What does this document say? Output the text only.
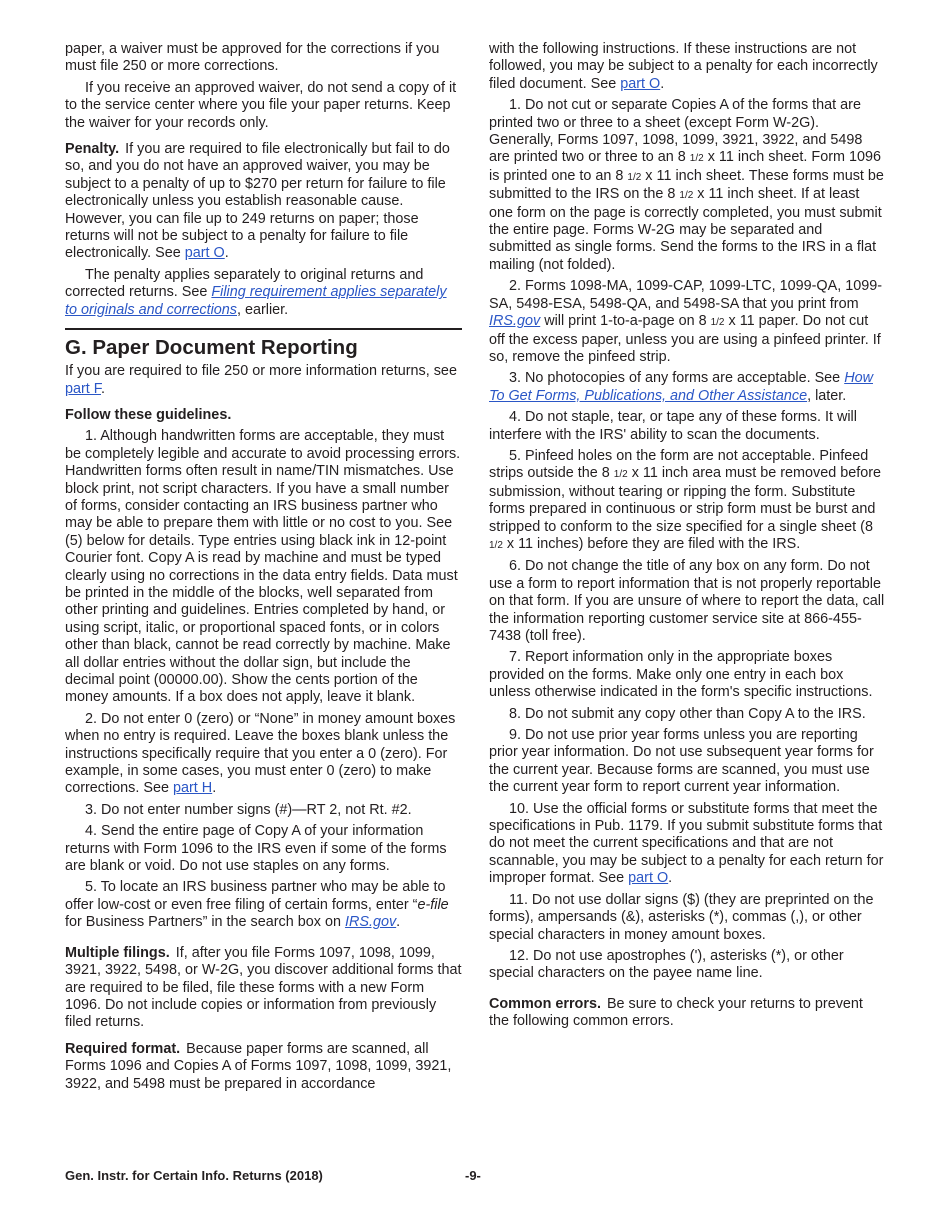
paper, a waiver must be approved for the corrections if you must file 250 or more corrections.

If you receive an approved waiver, do not send a copy of it to the service center where you file your paper returns. Keep the waiver for your records only.

Penalty. If you are required to file electronically but fail to do so, and you do not have an approved waiver, you may be subject to a penalty of up to $270 per return for failure to file electronically unless you establish reasonable cause. However, you can file up to 249 returns on paper; those returns will not be subject to a penalty for failure to file electronically. See part O.

The penalty applies separately to original returns and corrected returns. See Filing requirement applies separately to originals and corrections, earlier.

G. Paper Document Reporting

If you are required to file 250 or more information returns, see part F.

Follow these guidelines.

1. Although handwritten forms are acceptable, they must be completely legible and accurate to avoid processing errors. Handwritten forms often result in name/TIN mismatches. Use block print, not script characters. If you have a small number of forms, consider contacting an IRS business partner who may be able to prepare them with little or no cost to you. See (5) below for details. Type entries using black ink in 12-point Courier font. Copy A is read by machine and must be typed clearly using no corrections in the data entry fields. Data must be printed in the middle of the blocks, well separated from other printing and guidelines. Entries completed by hand, or using script, italic, or proportional spaced fonts, or in colors other than black, cannot be read correctly by machine. Make all dollar entries without the dollar sign, but include the decimal point (00000.00). Show the cents portion of the money amounts. If a box does not apply, leave it blank.

2. Do not enter 0 (zero) or “None” in money amount boxes when no entry is required. Leave the boxes blank unless the instructions specifically require that you enter a 0 (zero). For example, in some cases, you must enter 0 (zero) to make corrections. See part H.

3. Do not enter number signs (#)—RT 2, not Rt. #2.

4. Send the entire page of Copy A of your information returns with Form 1096 to the IRS even if some of the forms are blank or void. Do not use staples on any forms.

5. To locate an IRS business partner who may be able to offer low-cost or even free filing of certain forms, enter “e-file for Business Partners” in the search box on IRS.gov.

Multiple filings. If, after you file Forms 1097, 1098, 1099, 3921, 3922, 5498, or W-2G, you discover additional forms that are required to be filed, file these forms with a new Form 1096. Do not include copies or information from previously filed returns.

Required format. Because paper forms are scanned, all Forms 1096 and Copies A of Forms 1097, 1098, 1099, 3921, 3922, and 5498 must be prepared in accordance

with the following instructions. If these instructions are not followed, you may be subject to a penalty for each incorrectly filed document. See part O.

1. Do not cut or separate Copies A of the forms that are printed two or three to a sheet (except Form W-2G). Generally, Forms 1097, 1098, 1099, 3921, 3922, and 5498 are printed two or three to an 8 1/2 x 11 inch sheet. Form 1096 is printed one to an 8 1/2 x 11 inch sheet. These forms must be submitted to the IRS on the 8 1/2 x 11 inch sheet. If at least one form on the page is correctly completed, you must submit the entire page. Forms W-2G may be separated and submitted as single forms. Send the forms to the IRS in a flat mailing (not folded).

2. Forms 1098-MA, 1099-CAP, 1099-LTC, 1099-QA, 1099-SA, 5498-ESA, 5498-QA, and 5498-SA that you print from IRS.gov will print 1-to-a-page on 8 1/2 x 11 paper. Do not cut off the excess paper, unless you are using a pinfeed printer. If so, remove the pinfeed strip.

3. No photocopies of any forms are acceptable. See How To Get Forms, Publications, and Other Assistance, later.

4. Do not staple, tear, or tape any of these forms. It will interfere with the IRS' ability to scan the documents.

5. Pinfeed holes on the form are not acceptable. Pinfeed strips outside the 8 1/2 x 11 inch area must be removed before submission, without tearing or ripping the form. Substitute forms prepared in continuous or strip form must be burst and stripped to conform to the size specified for a single sheet (8 1/2 x 11 inches) before they are filed with the IRS.

6. Do not change the title of any box on any form. Do not use a form to report information that is not properly reportable on that form. If you are unsure of where to report the data, call the information reporting customer service site at 866-455-7438 (toll free).

7. Report information only in the appropriate boxes provided on the forms. Make only one entry in each box unless otherwise indicated in the form's specific instructions.

8. Do not submit any copy other than Copy A to the IRS.

9. Do not use prior year forms unless you are reporting prior year information. Do not use subsequent year forms for the current year. Because forms are scanned, you must use the current year form to report current year information.

10. Use the official forms or substitute forms that meet the specifications in Pub. 1179. If you submit substitute forms that do not meet the current specifications and that are not scannable, you may be subject to a penalty for each return for improper format. See part O.

11. Do not use dollar signs ($) (they are preprinted on the forms), ampersands (&), asterisks (*), commas (,), or other special characters in money amount boxes.

12. Do not use apostrophes ('), asterisks (*), or other special characters on the payee name line.

Common errors. Be sure to check your returns to prevent the following common errors.

Gen. Instr. for Certain Info. Returns (2018)	-9-
